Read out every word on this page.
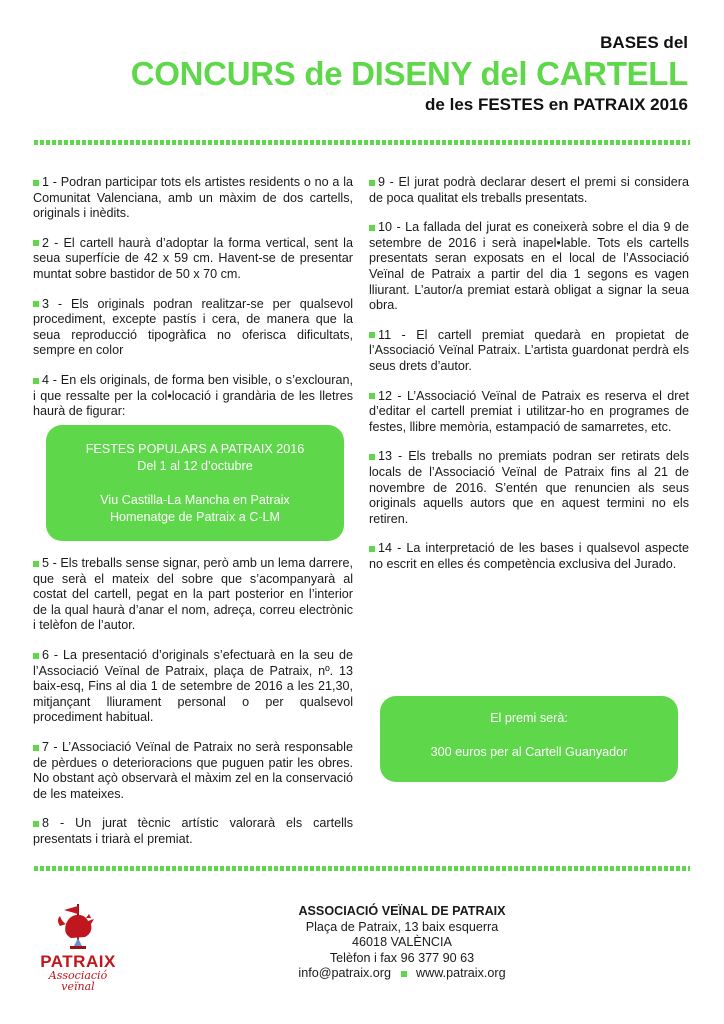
BASES del
CONCURS de DISENY del CARTELL
de les FESTES en PATRAIX 2016

1 - Podran participar tots els artistes residents o no a la Comunitat Valenciana, amb un màxim de dos cartells, originals i inèdits.

2 - El cartell haurà d’adoptar la forma vertical, sent la seua superfície de 42 x 59 cm. Havent-se de presentar muntat sobre bastidor de 50 x 70 cm.

3 - Els originals podran realitzar-se per qualsevol procediment, excepte pastís i cera, de manera que la seua reproducció tipogràfica no oferisca dificultats, sempre en color

4 - En els originals, de forma ben visible, o s’exclouran, i que ressalte per la col•locació i grandària de les lletres haurà de figurar:

FESTES POPULARS A PATRAIX 2016
Del 1 al 12 d’octubre
Viu Castilla-La Mancha en Patraix
Homenatge de Patraix a C-LM

5 - Els treballs sense signar, però amb un lema darrere, que serà el mateix del sobre que s’acompanyarà al costat del cartell, pegat en la part posterior en l’interior de la qual haurà d’anar el nom, adreça, correu electrònic i telèfon de l’autor.

6 - La presentació d’originals s’efectuarà en la seu de l’Associació Veïnal de Patraix, plaça de Patraix, nº. 13 baix-esq, Fins al dia 1 de setembre de 2016 a les 21,30, mitjançant lliurament personal o per qualsevol procediment habitual.

7 - L’Associació Veïnal de Patraix no serà responsable de pèrdues o deterioracions que puguen patir les obres. No obstant açò observarà el màxim zel en la conservació de les mateixes.

8 - Un jurat tècnic artístic valorarà els cartells presentats i triarà el premiat.

9 - El jurat podrà declarar desert el premi si considera de poca qualitat els treballs presentats.

10 - La fallada del jurat es coneixerà sobre el dia 9 de setembre de 2016 i serà inapel•lable. Tots els cartells presentats seran exposats en el local de l’Associació Veïnal de Patraix a partir del dia 1 segons es vagen lliurant. L’autor/a premiat estarà obligat a signar la seua obra.

11 - El cartell premiat quedarà en propietat de l’Associació Veïnal Patraix. L’artista guardonat perdrà els seus drets d’autor.

12 - L’Associació Veïnal de Patraix es reserva el dret d’editar el cartell premiat i utilitzar-ho en programes de festes, llibre memòria, estampació de samarretes, etc.

13 - Els treballs no premiats podran ser retirats dels locals de l’Associació Veïnal de Patraix fins al 21 de novembre de 2016. S’entén que renuncien als seus originals aquells autors que en aquest termini no els retiren.

14 - La interpretació de les bases i qualsevol aspecte no escrit en elles és competència exclusiva del Jurado.

El premi serà:
300 euros per al Cartell Guanyador
PATRAIX
Associació
veïnal
ASSOCIACIÓ VEÏNAL DE PATRAIX
Plaça de Patraix, 13 baix esquerra
46018 VALÈNCIA
Telèfon i fax 96 377 90 63
info@patraix.org www.patraix.org
